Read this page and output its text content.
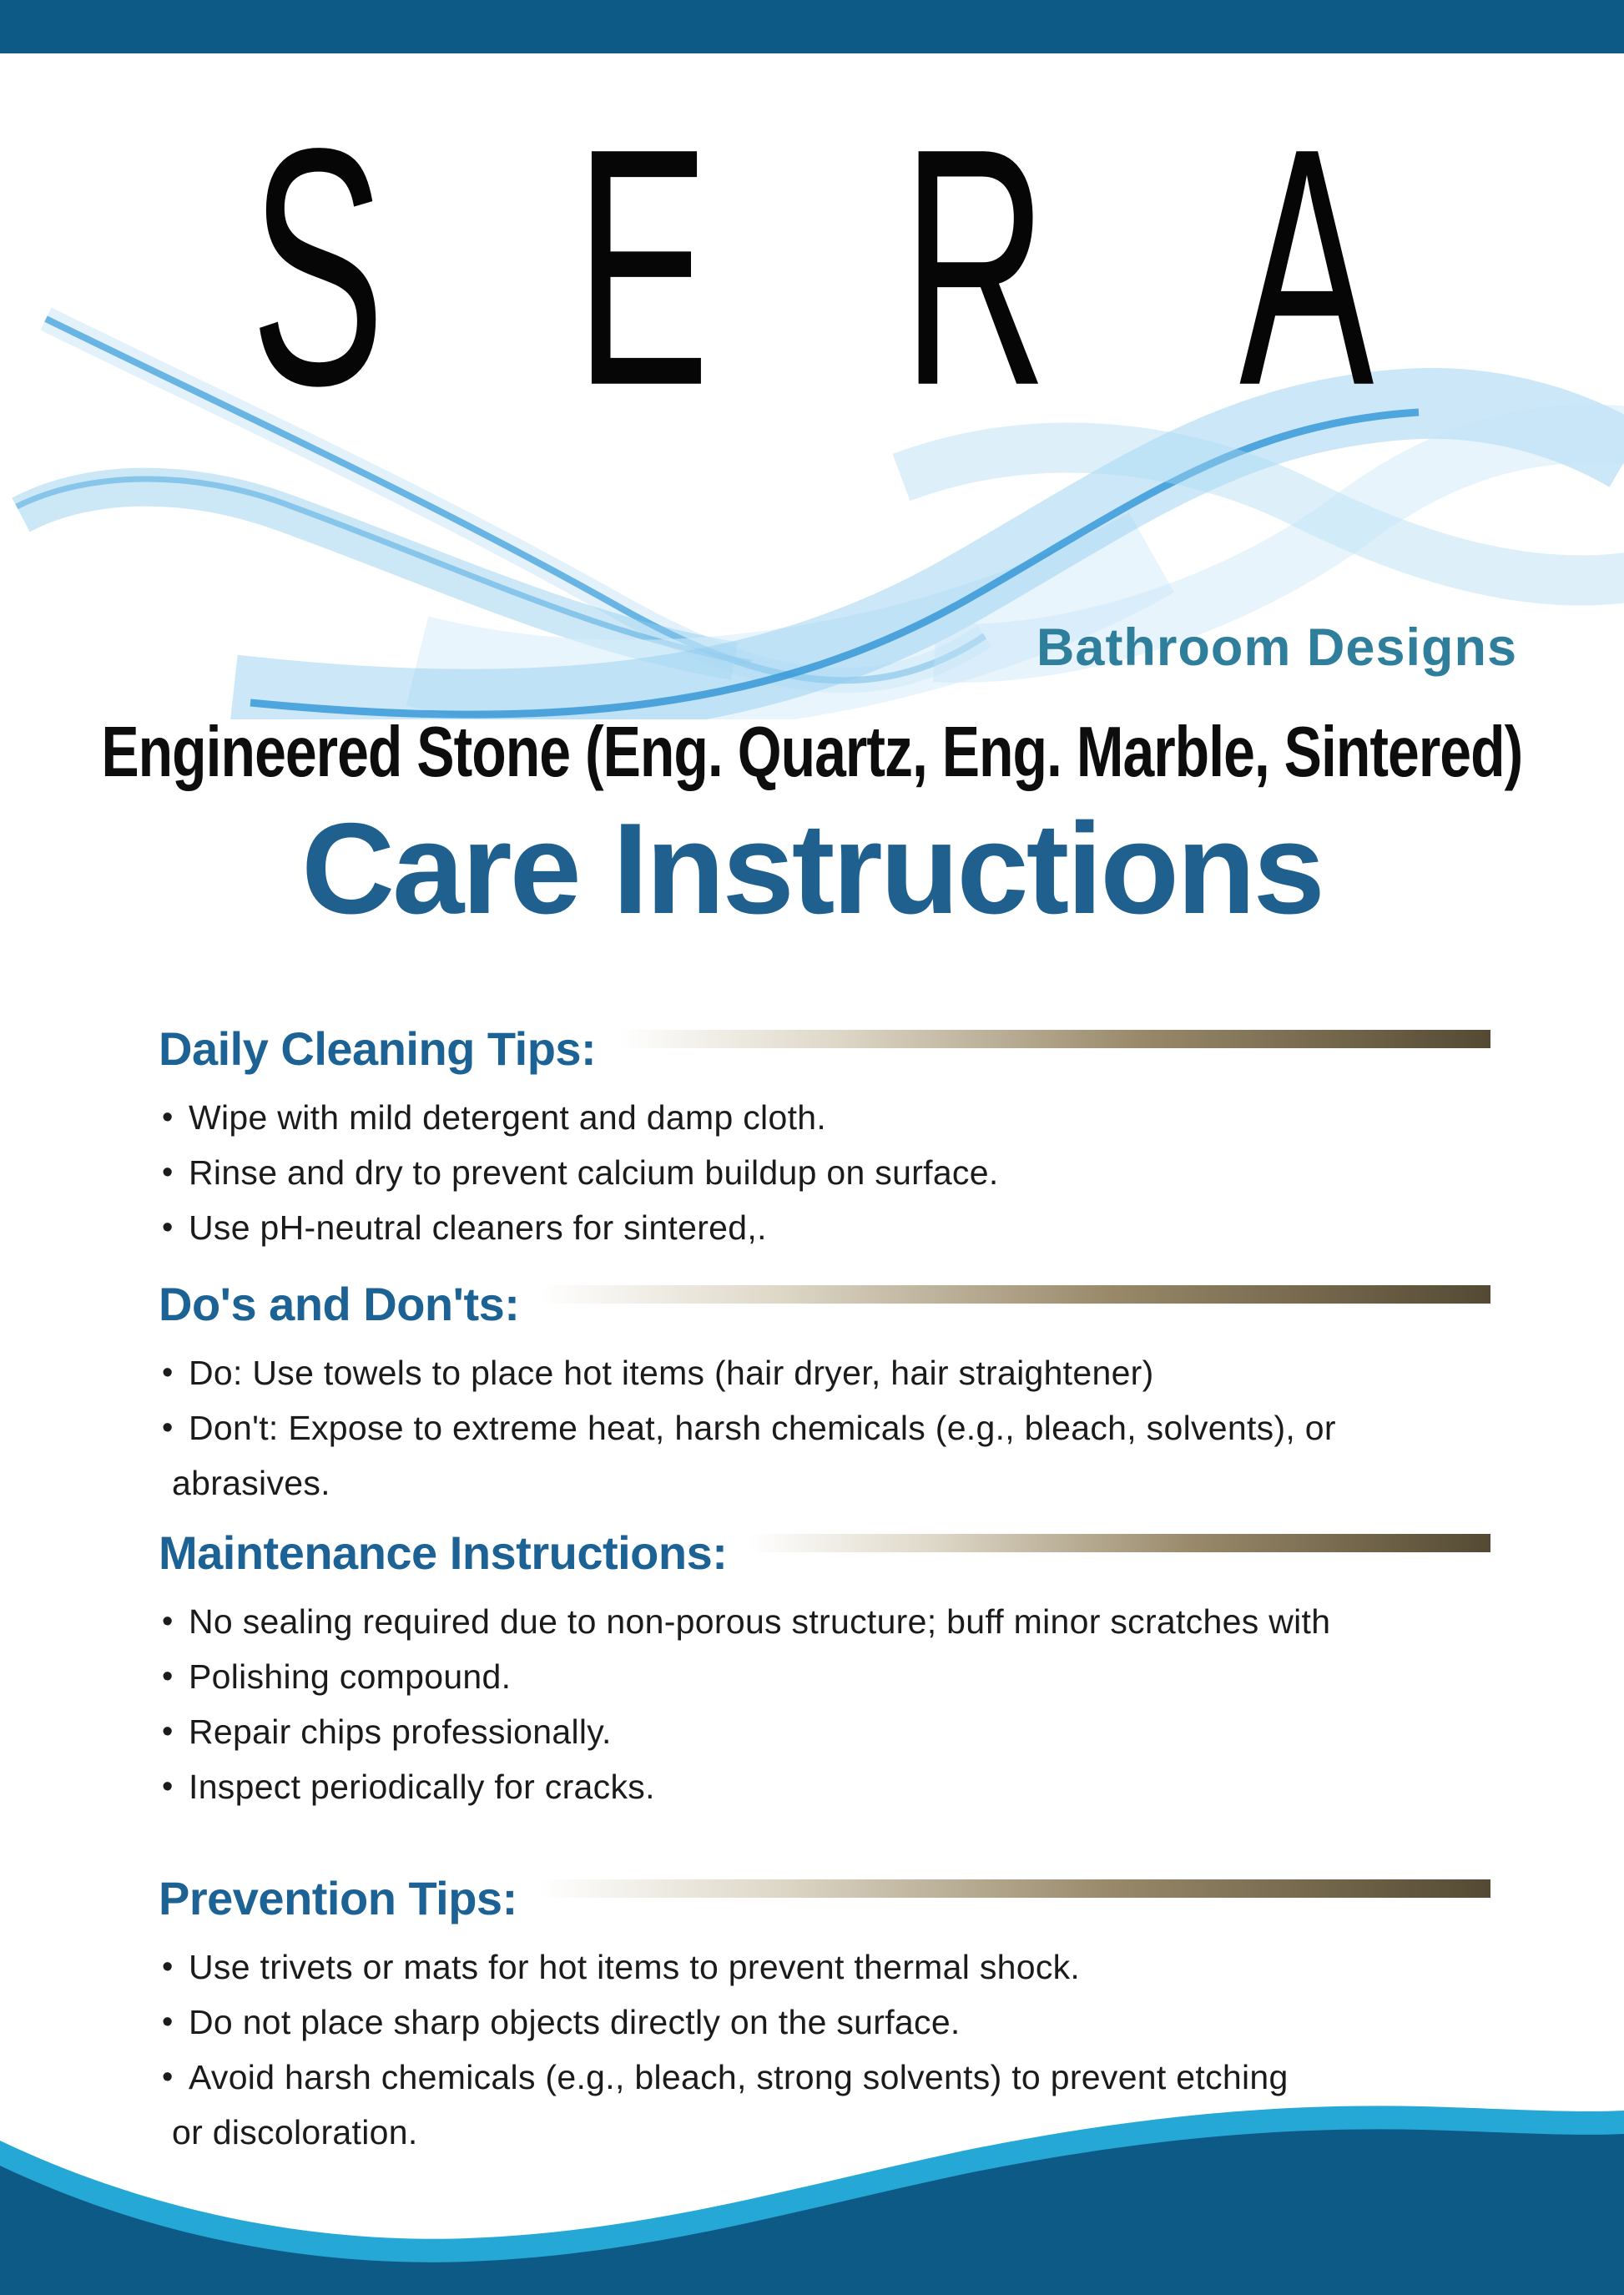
S E R A
Bathroom Designs
Engineered Stone (Eng. Quartz, Eng. Marble, Sintered)
Care Instructions
Daily Cleaning Tips:
• Wipe with mild detergent and damp cloth.
• Rinse and dry to prevent calcium buildup on surface.
• Use pH-neutral cleaners for sintered,.
Do's and Don'ts:
• Do: Use towels to place hot items (hair dryer, hair straightener)
• Don't: Expose to extreme heat, harsh chemicals (e.g., bleach, solvents), or
abrasives.
Maintenance Instructions:
• No sealing required due to non-porous structure; buff minor scratches with
• Polishing compound.
• Repair chips professionally.
• Inspect periodically for cracks.
Prevention Tips:
• Use trivets or mats for hot items to prevent thermal shock.
• Do not place sharp objects directly on the surface.
• Avoid harsh chemicals (e.g., bleach, strong solvents) to prevent etching
or discoloration.
